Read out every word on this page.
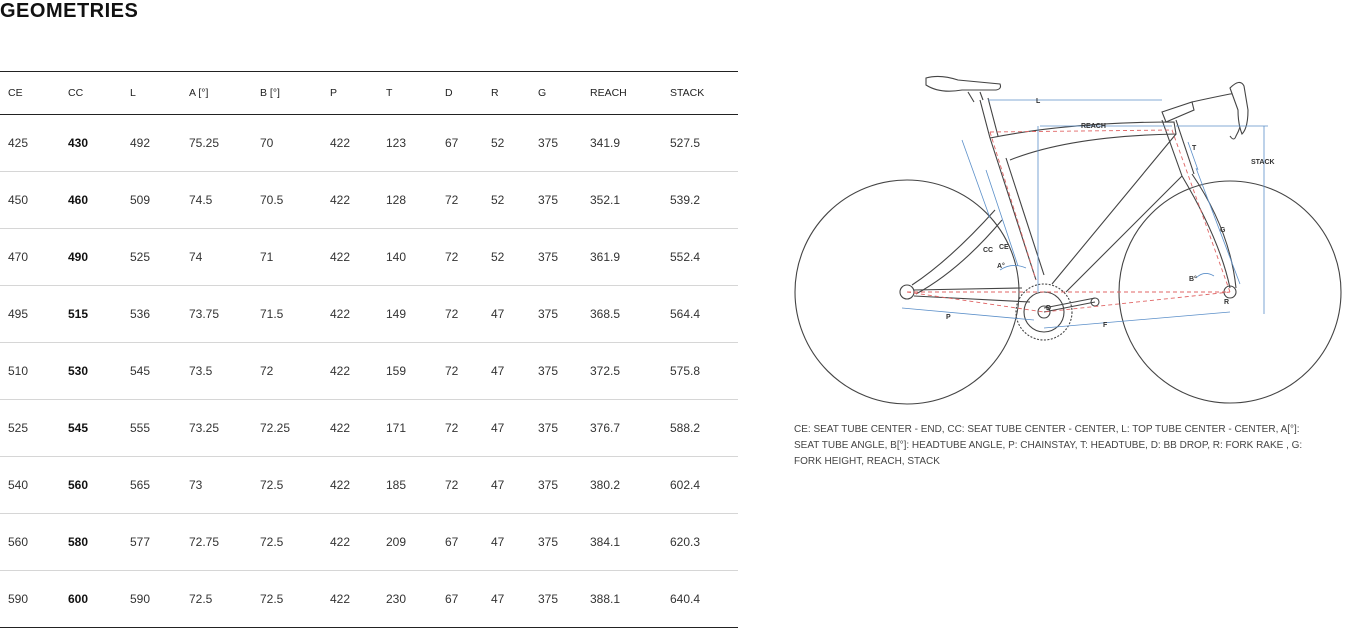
GEOMETRIES
CE	CC	L	A [°]	B [°]	P	T	D	R	G	REACH	STACK
425	430	492	75.25	70	422	123	67	52	375	341.9	527.5
450	460	509	74.5	70.5	422	128	72	52	375	352.1	539.2
470	490	525	74	71	422	140	72	52	375	361.9	552.4
495	515	536	73.75	71.5	422	149	72	47	375	368.5	564.4
510	530	545	73.5	72	422	159	72	47	375	372.5	575.8
525	545	555	73.25	72.25	422	171	72	47	375	376.7	588.2
540	560	565	73	72.5	422	185	72	47	375	380.2	602.4
560	580	577	72.75	72.5	422	209	67	47	375	384.1	620.3
590	600	590	72.5	72.5	422	230	67	47	375	388.1	640.4
L
REACH
STACK
T
G
CC CE
A°
B°
D
R
P
F

CE: SEAT TUBE CENTER - END, CC: SEAT TUBE CENTER - CENTER, L: TOP TUBE CENTER - CENTER, A[°]: SEAT TUBE ANGLE, B[°]: HEADTUBE ANGLE, P: CHAINSTAY, T: HEADTUBE, D: BB DROP, R: FORK RAKE , G: FORK HEIGHT, REACH, STACK
